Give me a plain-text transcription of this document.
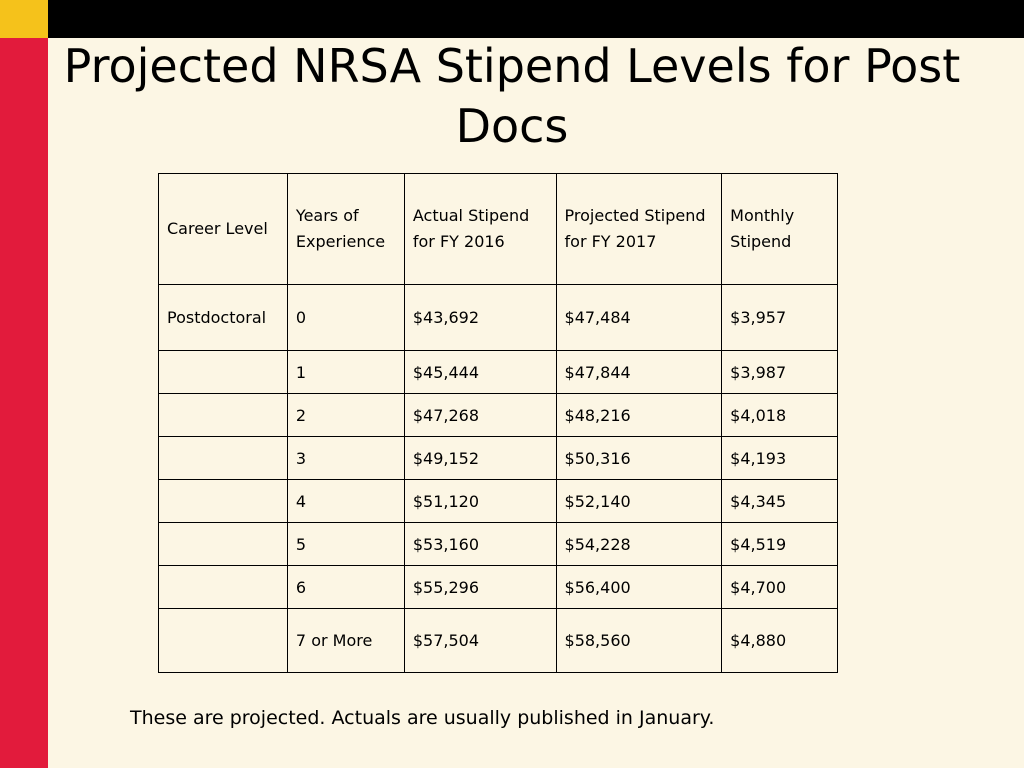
Projected NRSA Stipend Levels for Post Docs
Career Level	Years of Experience	Actual Stipend for FY 2016	Projected Stipend for FY 2017	Monthly Stipend
Postdoctoral	0	$43,692	$47,484	$3,957
	1	$45,444	$47,844	$3,987
	2	$47,268	$48,216	$4,018
	3	$49,152	$50,316	$4,193
	4	$51,120	$52,140	$4,345
	5	$53,160	$54,228	$4,519
	6	$55,296	$56,400	$4,700
	7 or More	$57,504	$58,560	$4,880
These are projected. Actuals are usually published in January.
